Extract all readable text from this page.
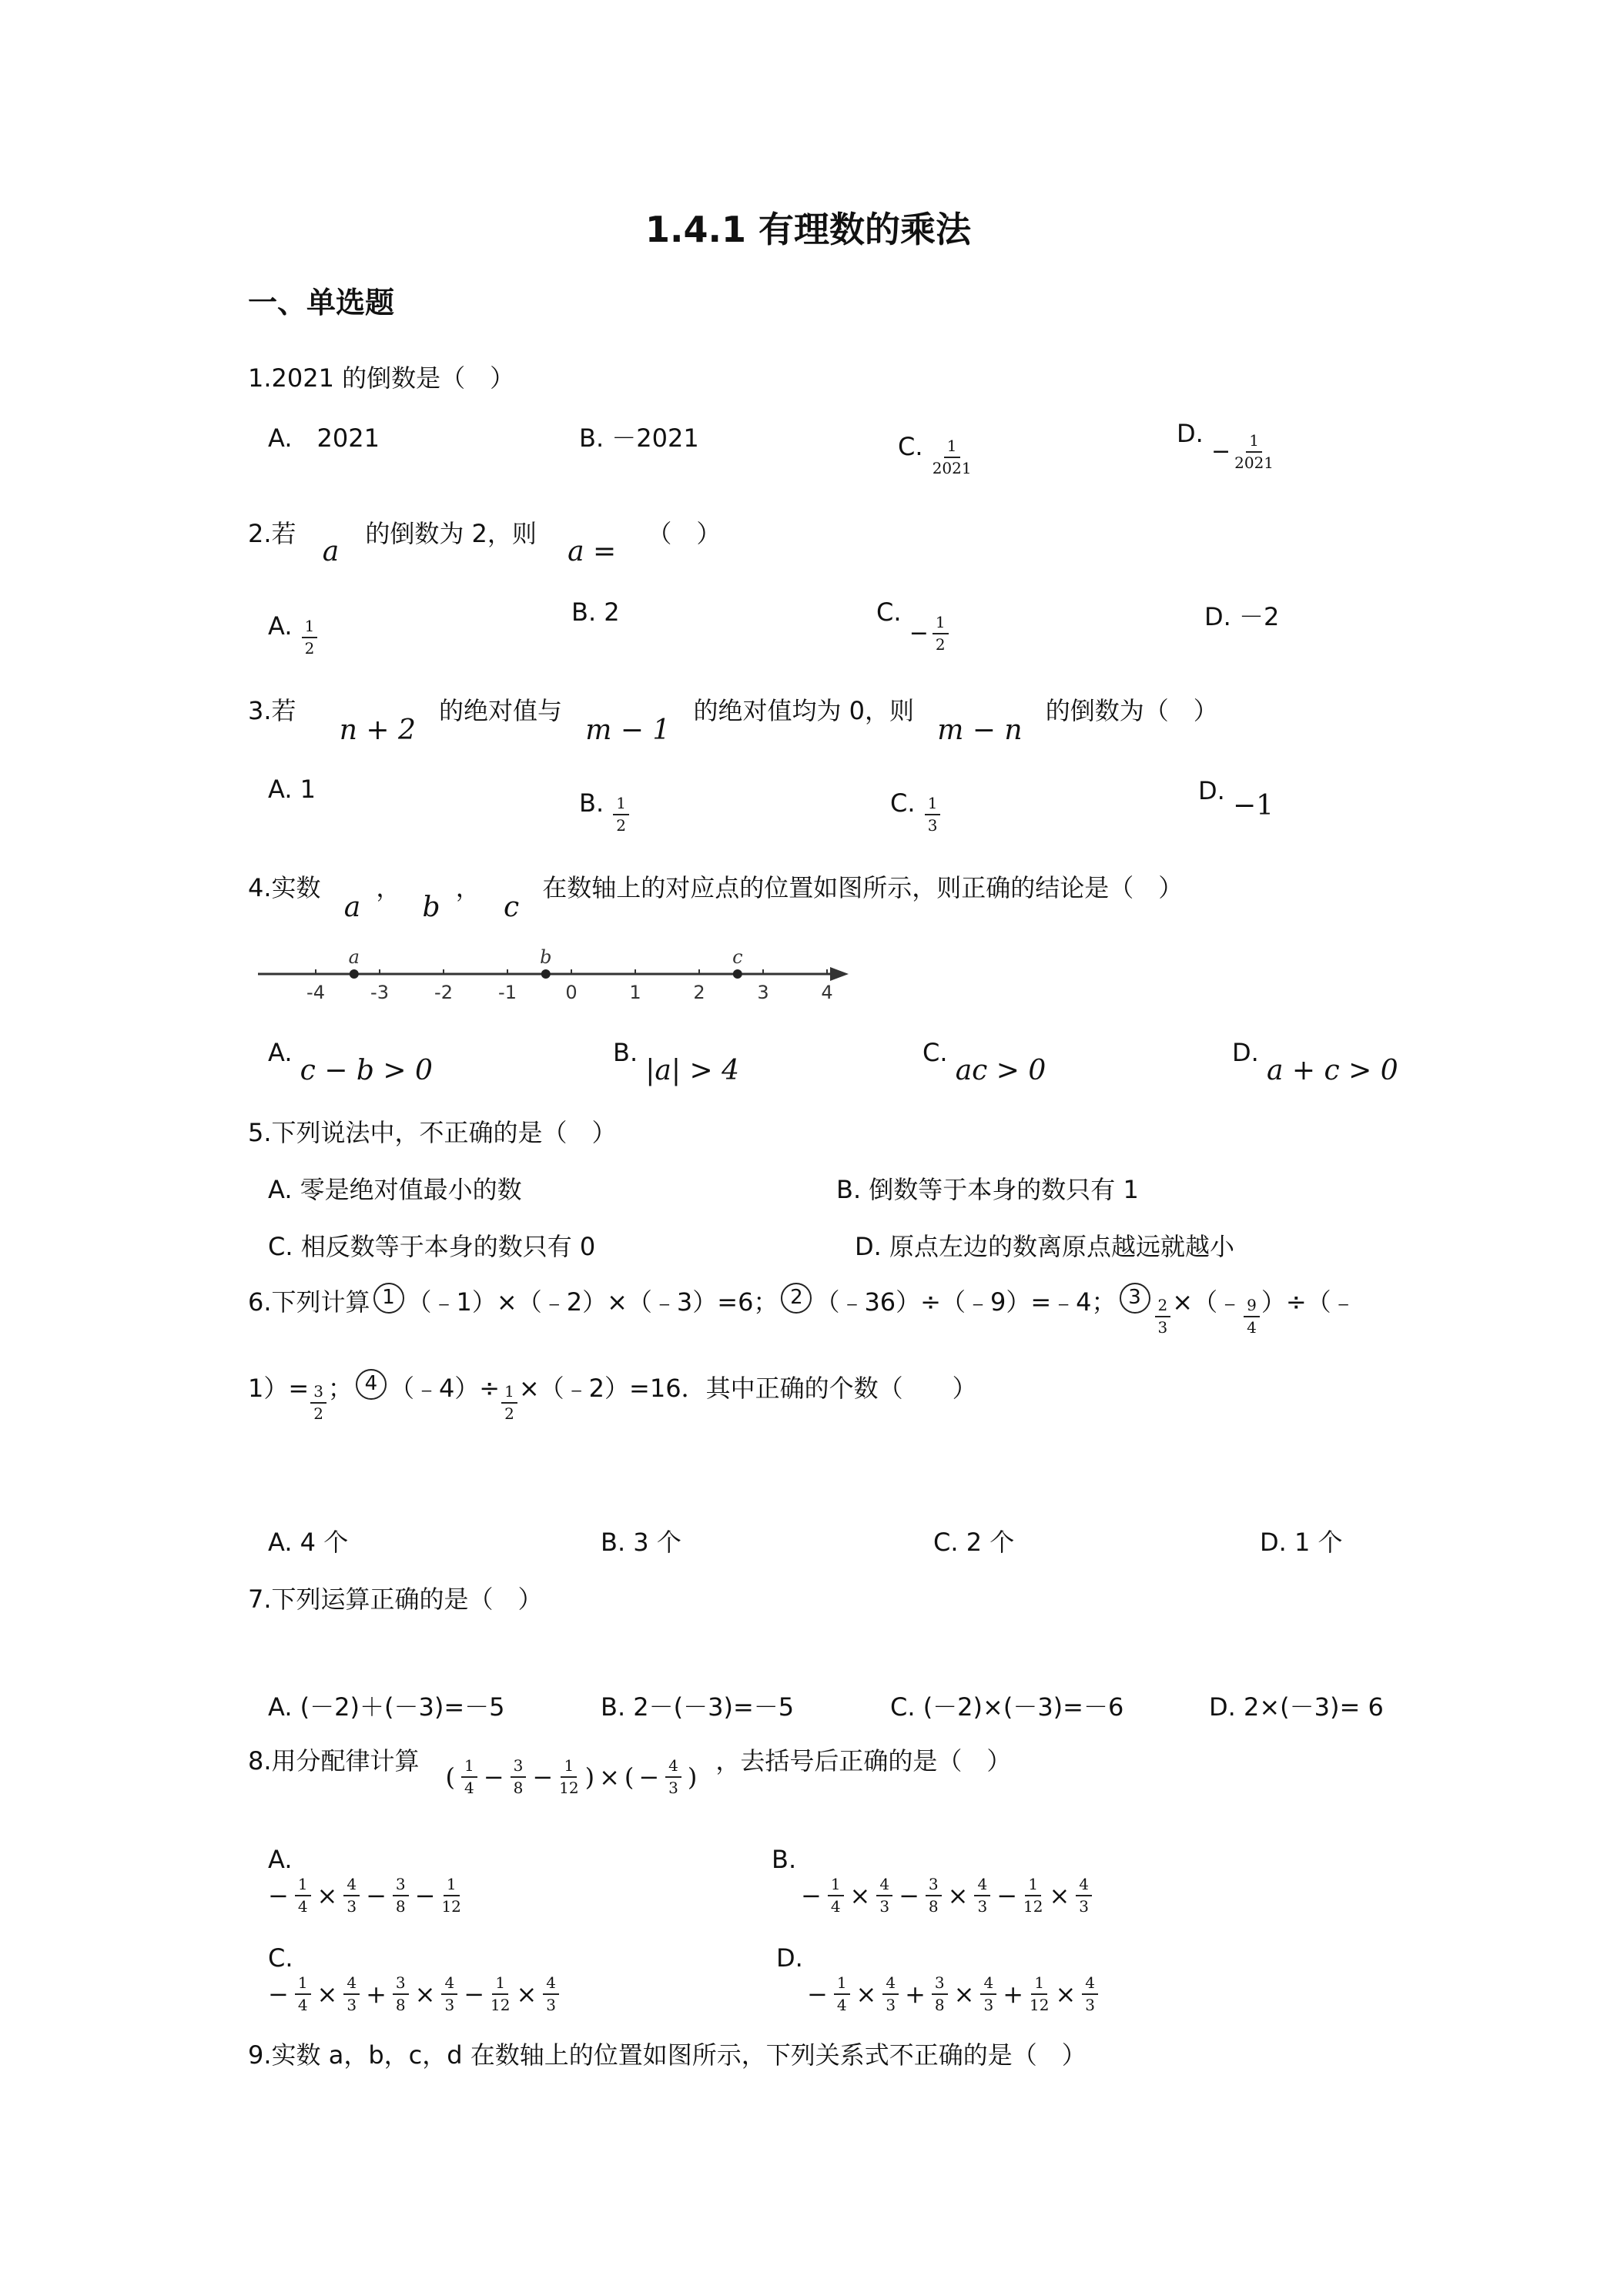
1.4.1 有理数的乘法
一、单选题
1.2021 的倒数是（　）
A.　2021	B. －2021	C. $\frac{1}{2021}$
D.
− $\frac{1}{2021}$
2.若 a 的倒数为 2，则 a = （　）
A. $\frac{1}{2}$
B. 2	C.
− $\frac{1}{2}$	D. －2
3.若 n + 2 的绝对值与 m − 1 的绝对值均为 0，则 m − n 的倒数为（　）
A. 1	B. $\frac{1}{2}$	C. $\frac{1}{3}$
D. −1
4.实数 a ， b ， c 在数轴上的对应点的位置如图所示，则正确的结论是（　）
-4 -3 -2 -1	0	1	2	3	4
a	b	c
A. c − b > 0
B. |a| > 4
C. ac > 0
D. a + c > 0
5.下列说法中，不正确的是（　）
A. 零是绝对值最小的数	B. 倒数等于本身的数只有 1
C. 相反数等于本身的数只有 0	D. 原点左边的数离原点越远就越小
6.下列计算 1 （﹣1）×（﹣2）×（﹣3）=6； 2 （﹣36）÷（﹣9）=﹣4； $3 \frac{2}{3}$ ×（﹣ $\frac{9}{4}$ ）÷（﹣
$1)= \frac{3}{2}$ ； 4 （﹣4）÷ $\frac{1}{2}$ ×（﹣2）=16．其中正确的个数（　　）
A. 4 个	B. 3 个	C. 2 个	D. 1 个
7.下列运算正确的是（　）
A. (－2)＋(－3)=－5	B. 2－(－3)=－5	C. (－2)×(－3)=－6	D. 2×(－3)= 6
8.用分配律计算
( $\frac{1}{4} - \frac{3}{8} - \frac{1}{12}$ ) × ( − $\frac{4}{3}$ )
，去括号后正确的是（　）
A.
− $\frac{1}{4} \times \frac{4}{3} - \frac{3}{8} - \frac{1}{12}$
B.
− $\frac{1}{4} \times \frac{4}{3} - \frac{3}{8} \times \frac{4}{3} - \frac{1}{12} \times \frac{4}{3}$
C.
− $\frac{1}{4} \times \frac{4}{3} + \frac{3}{8} \times \frac{4}{3} - \frac{1}{12} \times \frac{4}{3}$
D.
− $\frac{1}{4} \times \frac{4}{3} + \frac{3}{8} \times \frac{4}{3} + \frac{1}{12} \times \frac{4}{3}$
9.实数 a，b，c，d 在数轴上的位置如图所示，下列关系式不正确的是（　）
